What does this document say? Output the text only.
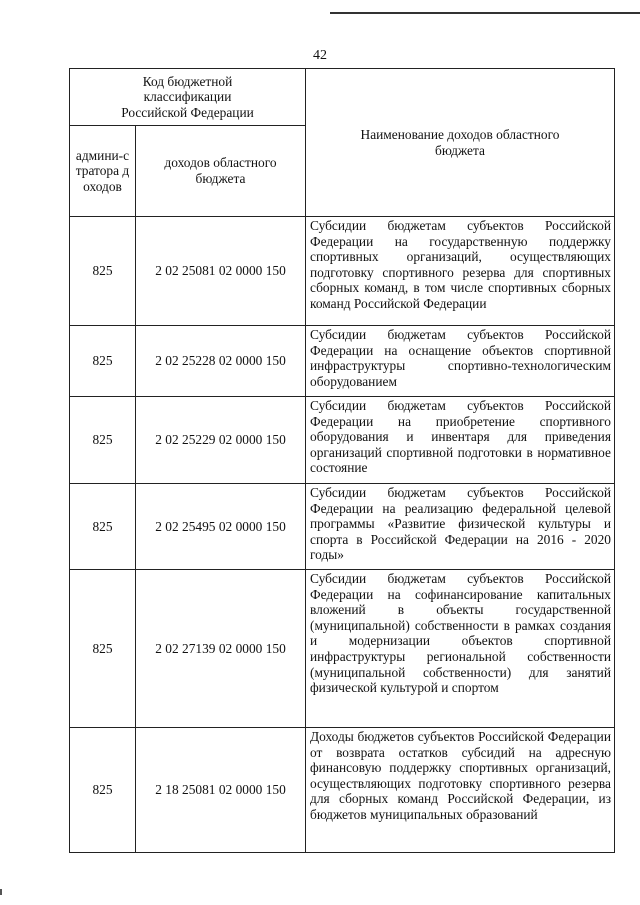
42
Код бюджетной классификации Российской Федерации		Наименование доходов областного бюджета
админи-стратора доходов	доходов областного бюджета	
825	2 02 25081 02 0000 150	Субсидии бюджетам субъектов Российской Федерации на государственную поддержку спортивных организаций, осуществляющих подготовку спортивного резерва для спортивных сборных команд, в том числе спортивных сборных команд Российской Федерации

825	2 02 25228 02 0000 150	Субсидии бюджетам субъектов Российской Федерации на оснащение объектов спортивной инфраструктуры спортивно-технологическим оборудованием

825	2 02 25229 02 0000 150	Субсидии бюджетам субъектов Российской Федерации на приобретение спортивного оборудования и инвентаря для приведения организаций спортивной подготовки в нормативное состояние

825	2 02 25495 02 0000 150	Субсидии бюджетам субъектов Российской Федерации на реализацию федеральной целевой программы «Развитие физической культуры и спорта в Российской Федерации на 2016 - 2020 годы»

825	2 02 27139 02 0000 150	Субсидии бюджетам субъектов Российской Федерации на софинансирование капитальных вложений в объекты государственной (муниципальной) собственности в рамках создания и модернизации объектов спортивной инфраструктуры региональной собственности (муниципальной собственности) для занятий физической культурой и спортом

825	2 18 25081 02 0000 150	Доходы бюджетов субъектов Российской Федерации от возврата остатков субсидий на адресную финансовую поддержку спортивных организаций, осуществляющих подготовку спортивного резерва для сборных команд Российской Федерации, из бюджетов муниципальных образований
